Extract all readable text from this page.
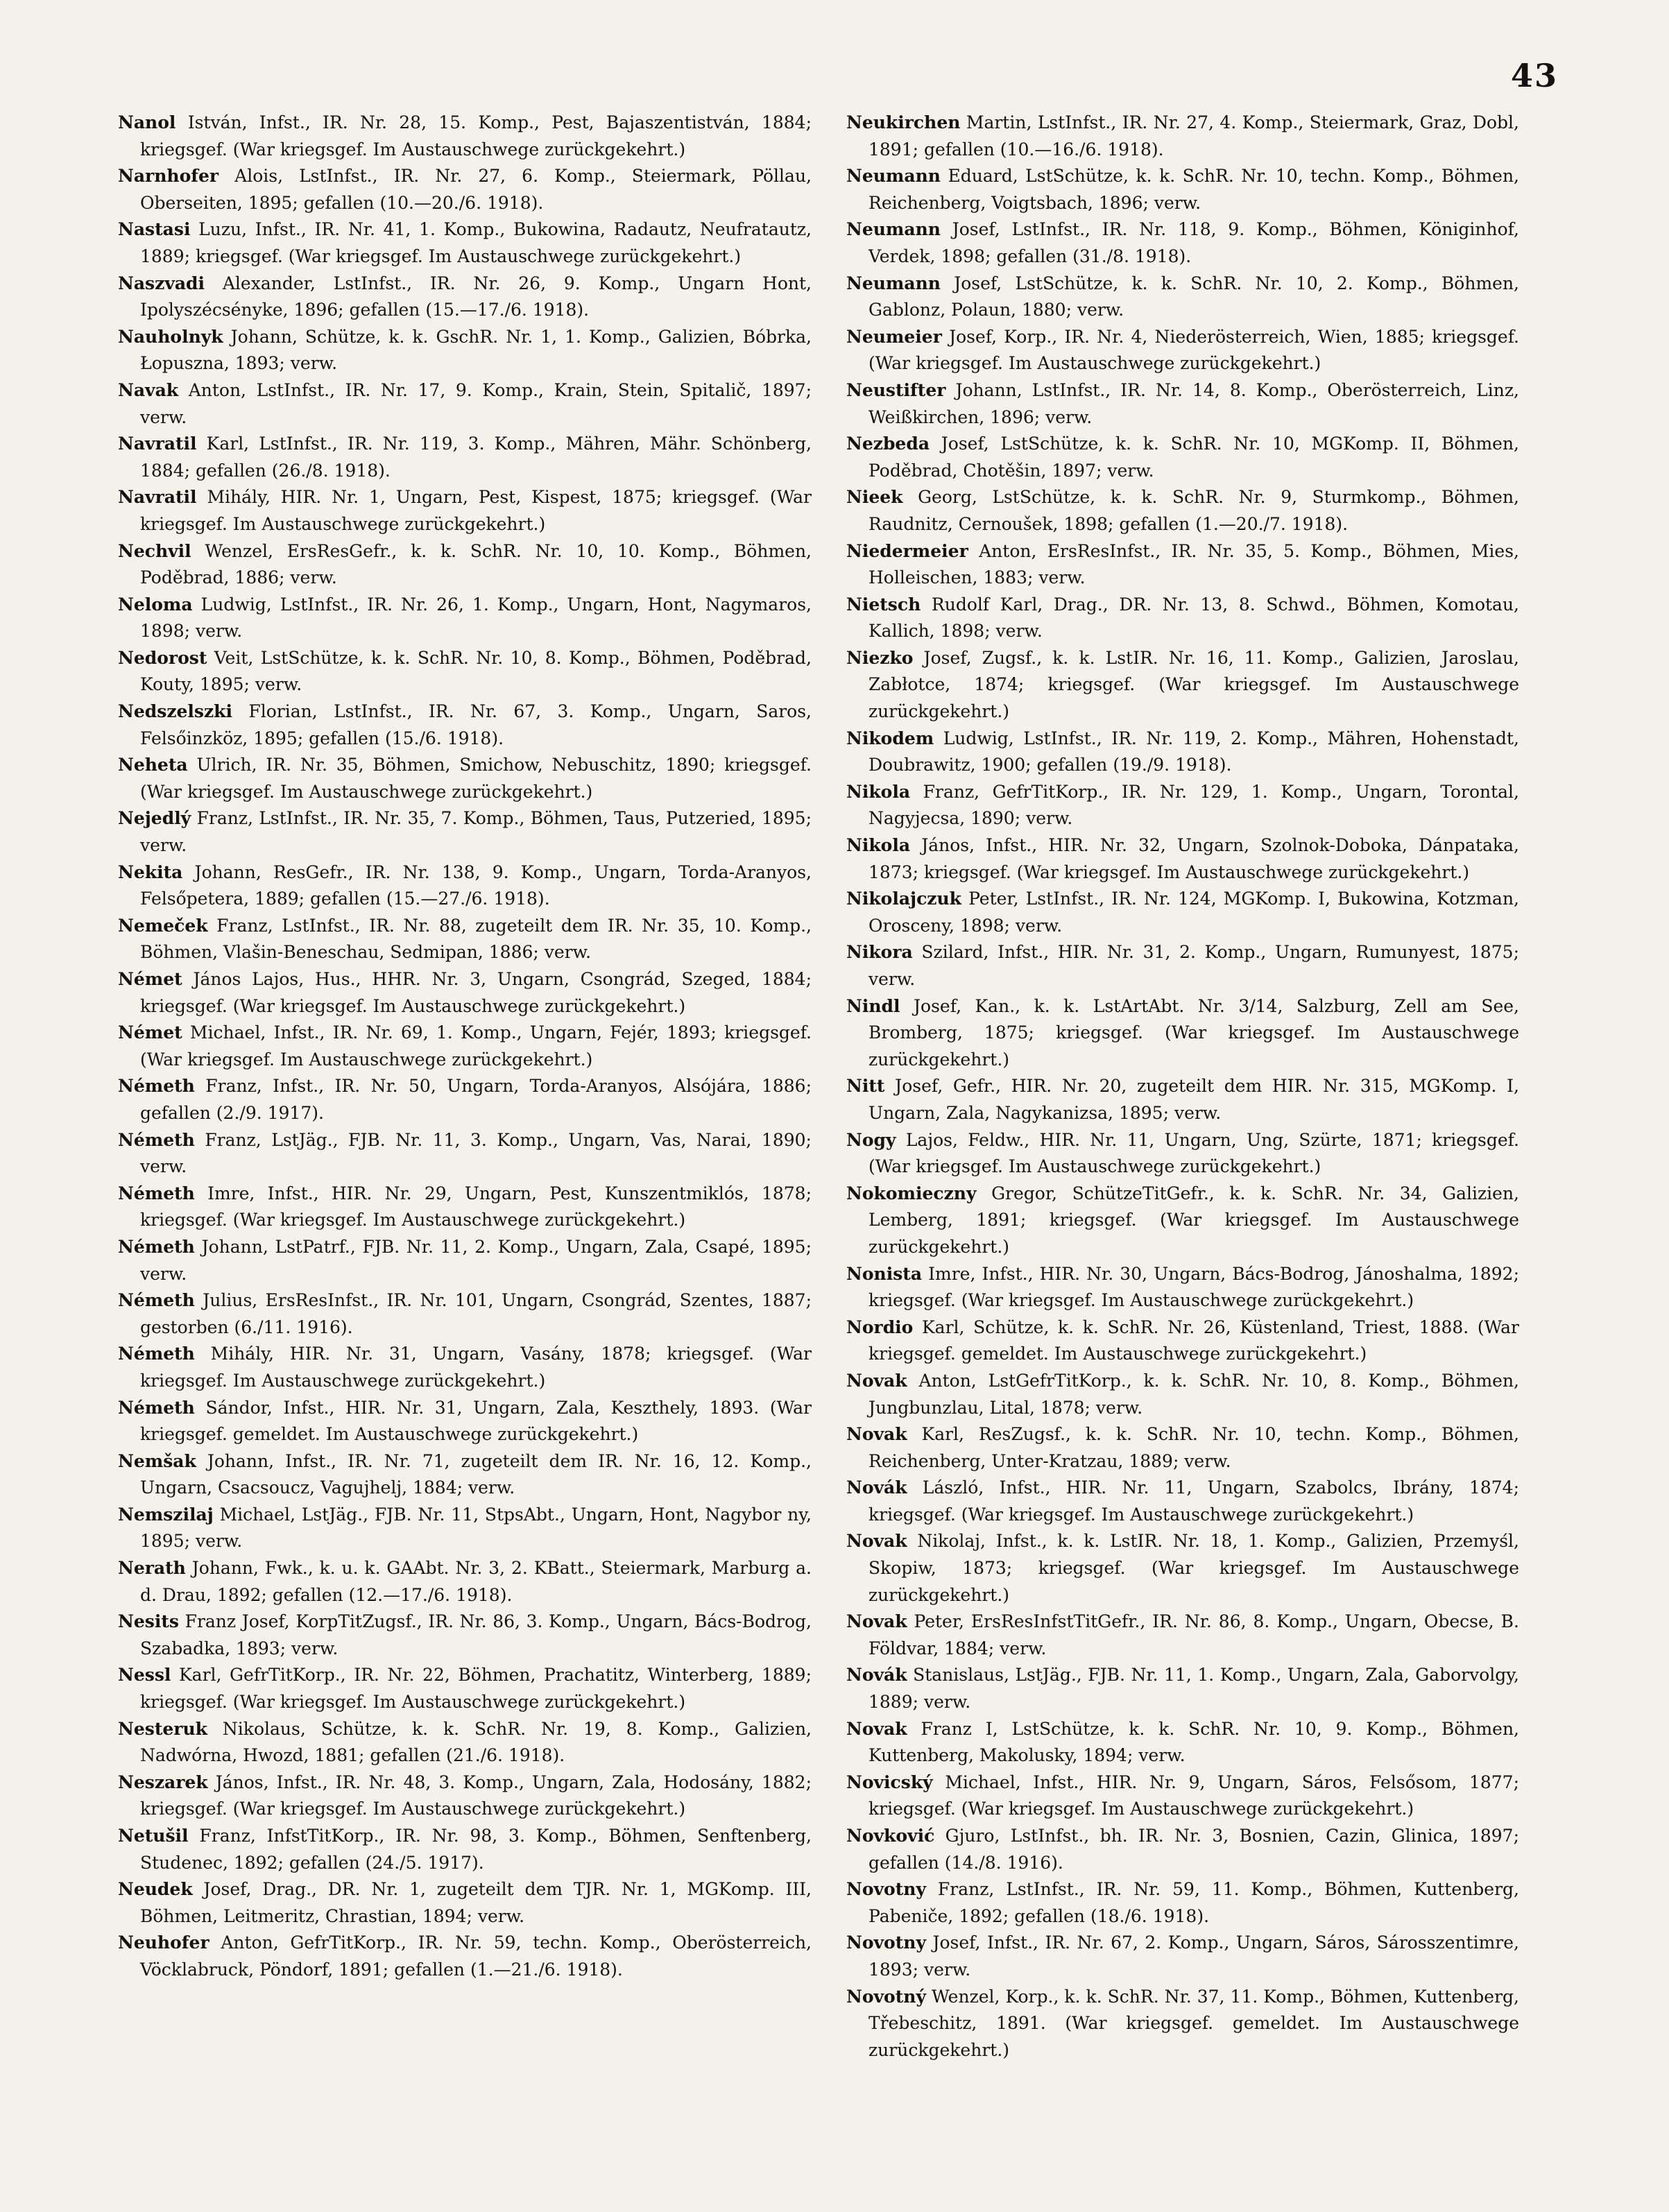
43

Nanol István, Infst., IR. Nr. 28, 15. Komp., Pest, Bajaszentistván, 1884; kriegsgef. (War kriegsgef. Im Austauschwege zurückgekehrt.)

Narnhofer Alois, LstInfst., IR. Nr. 27, 6. Komp., Steiermark, Pöllau, Oberseiten, 1895; gefallen (10.—20./6. 1918).

Nastasi Luzu, Infst., IR. Nr. 41, 1. Komp., Bukowina, Radautz, Neufratautz, 1889; kriegsgef. (War kriegsgef. Im Austauschwege zurückgekehrt.)

Naszvadi Alexander, LstInfst., IR. Nr. 26, 9. Komp., Ungarn Hont, Ipolyszécsényke, 1896; gefallen (15.—17./6. 1918).

Nauholnyk Johann, Schütze, k. k. GschR. Nr. 1, 1. Komp., Galizien, Bóbrka, Łopuszna, 1893; verw.

Navak Anton, LstInfst., IR. Nr. 17, 9. Komp., Krain, Stein, Spitalič, 1897; verw.

Navratil Karl, LstInfst., IR. Nr. 119, 3. Komp., Mähren, Mähr. Schönberg, 1884; gefallen (26./8. 1918).

Navratil Mihály, HIR. Nr. 1, Ungarn, Pest, Kispest, 1875; kriegsgef. (War kriegsgef. Im Austauschwege zurückgekehrt.)

Nechvil Wenzel, ErsResGefr., k. k. SchR. Nr. 10, 10. Komp., Böhmen, Poděbrad, 1886; verw.

Neloma Ludwig, LstInfst., IR. Nr. 26, 1. Komp., Ungarn, Hont, Nagymaros, 1898; verw.

Nedorost Veit, LstSchütze, k. k. SchR. Nr. 10, 8. Komp., Böhmen, Poděbrad, Kouty, 1895; verw.

Nedszelszki Florian, LstInfst., IR. Nr. 67, 3. Komp., Ungarn, Saros, Felsőinzköz, 1895; gefallen (15./6. 1918).

Neheta Ulrich, IR. Nr. 35, Böhmen, Smichow, Nebuschitz, 1890; kriegsgef. (War kriegsgef. Im Austauschwege zurückgekehrt.)

Nejedlý Franz, LstInfst., IR. Nr. 35, 7. Komp., Böhmen, Taus, Putzeried, 1895; verw.

Nekita Johann, ResGefr., IR. Nr. 138, 9. Komp., Ungarn, Torda-Aranyos, Felsőpetera, 1889; gefallen (15.—27./6. 1918).

Nemeček Franz, LstInfst., IR. Nr. 88, zugeteilt dem IR. Nr. 35, 10. Komp., Böhmen, Vlašin-Beneschau, Sedmipan, 1886; verw.

Német János Lajos, Hus., HHR. Nr. 3, Ungarn, Csongrád, Szeged, 1884; kriegsgef. (War kriegsgef. Im Austauschwege zurückgekehrt.)

Német Michael, Infst., IR. Nr. 69, 1. Komp., Ungarn, Fejér, 1893; kriegsgef. (War kriegsgef. Im Austauschwege zurückgekehrt.)

Németh Franz, Infst., IR. Nr. 50, Ungarn, Torda-Aranyos, Alsójára, 1886; gefallen (2./9. 1917).

Németh Franz, LstJäg., FJB. Nr. 11, 3. Komp., Ungarn, Vas, Narai, 1890; verw.

Németh Imre, Infst., HIR. Nr. 29, Ungarn, Pest, Kunszentmiklós, 1878; kriegsgef. (War kriegsgef. Im Austauschwege zurückgekehrt.)

Németh Johann, LstPatrf., FJB. Nr. 11, 2. Komp., Ungarn, Zala, Csapé, 1895; verw.

Németh Julius, ErsResInfst., IR. Nr. 101, Ungarn, Csongrád, Szentes, 1887; gestorben (6./11. 1916).

Németh Mihály, HIR. Nr. 31, Ungarn, Vasány, 1878; kriegsgef. (War kriegsgef. Im Austauschwege zurückgekehrt.)

Németh Sándor, Infst., HIR. Nr. 31, Ungarn, Zala, Keszthely, 1893. (War kriegsgef. gemeldet. Im Austauschwege zurückgekehrt.)

Nemšak Johann, Infst., IR. Nr. 71, zugeteilt dem IR. Nr. 16, 12. Komp., Ungarn, Csacsoucz, Vagujhelj, 1884; verw.

Nemszilaj Michael, LstJäg., FJB. Nr. 11, StpsAbt., Ungarn, Hont, Nagybor ny, 1895; verw.

Nerath Johann, Fwk., k. u. k. GAAbt. Nr. 3, 2. KBatt., Steiermark, Marburg a. d. Drau, 1892; gefallen (12.—17./6. 1918).

Nesits Franz Josef, KorpTitZugsf., IR. Nr. 86, 3. Komp., Ungarn, Bács-Bodrog, Szabadka, 1893; verw.

Nessl Karl, GefrTitKorp., IR. Nr. 22, Böhmen, Prachatitz, Winterberg, 1889; kriegsgef. (War kriegsgef. Im Austauschwege zurückgekehrt.)

Nesteruk Nikolaus, Schütze, k. k. SchR. Nr. 19, 8. Komp., Galizien, Nadwórna, Hwozd, 1881; gefallen (21./6. 1918).

Neszarek János, Infst., IR. Nr. 48, 3. Komp., Ungarn, Zala, Hodosány, 1882; kriegsgef. (War kriegsgef. Im Austauschwege zurückgekehrt.)

Netušil Franz, InfstTitKorp., IR. Nr. 98, 3. Komp., Böhmen, Senftenberg, Studenec, 1892; gefallen (24./5. 1917).

Neudek Josef, Drag., DR. Nr. 1, zugeteilt dem TJR. Nr. 1, MGKomp. III, Böhmen, Leitmeritz, Chrastian, 1894; verw.

Neuhofer Anton, GefrTitKorp., IR. Nr. 59, techn. Komp., Oberösterreich, Vöcklabruck, Pöndorf, 1891; gefallen (1.—21./6. 1918).

Neukirchen Martin, LstInfst., IR. Nr. 27, 4. Komp., Steiermark, Graz, Dobl, 1891; gefallen (10.—16./6. 1918).

Neumann Eduard, LstSchütze, k. k. SchR. Nr. 10, techn. Komp., Böhmen, Reichenberg, Voigtsbach, 1896; verw.

Neumann Josef, LstInfst., IR. Nr. 118, 9. Komp., Böhmen, Königinhof, Verdek, 1898; gefallen (31./8. 1918).

Neumann Josef, LstSchütze, k. k. SchR. Nr. 10, 2. Komp., Böhmen, Gablonz, Polaun, 1880; verw.

Neumeier Josef, Korp., IR. Nr. 4, Niederösterreich, Wien, 1885; kriegsgef. (War kriegsgef. Im Austauschwege zurückgekehrt.)

Neustifter Johann, LstInfst., IR. Nr. 14, 8. Komp., Oberösterreich, Linz, Weißkirchen, 1896; verw.

Nezbeda Josef, LstSchütze, k. k. SchR. Nr. 10, MGKomp. II, Böhmen, Poděbrad, Chotěšin, 1897; verw.

Nieek Georg, LstSchütze, k. k. SchR. Nr. 9, Sturmkomp., Böhmen, Raudnitz, Cernoušek, 1898; gefallen (1.—20./7. 1918).

Niedermeier Anton, ErsResInfst., IR. Nr. 35, 5. Komp., Böhmen, Mies, Holleischen, 1883; verw.

Nietsch Rudolf Karl, Drag., DR. Nr. 13, 8. Schwd., Böhmen, Komotau, Kallich, 1898; verw.

Niezko Josef, Zugsf., k. k. LstIR. Nr. 16, 11. Komp., Galizien, Jaroslau, Zabłotce, 1874; kriegsgef. (War kriegsgef. Im Austauschwege zurückgekehrt.)

Nikodem Ludwig, LstInfst., IR. Nr. 119, 2. Komp., Mähren, Hohenstadt, Doubrawitz, 1900; gefallen (19./9. 1918).

Nikola Franz, GefrTitKorp., IR. Nr. 129, 1. Komp., Ungarn, Torontal, Nagyjecsa, 1890; verw.

Nikola János, Infst., HIR. Nr. 32, Ungarn, Szolnok-Doboka, Dánpataka, 1873; kriegsgef. (War kriegsgef. Im Austauschwege zurückgekehrt.)

Nikolajczuk Peter, LstInfst., IR. Nr. 124, MGKomp. I, Bukowina, Kotzman, Orosceny, 1898; verw.

Nikora Szilard, Infst., HIR. Nr. 31, 2. Komp., Ungarn, Rumunyest, 1875; verw.

Nindl Josef, Kan., k. k. LstArtAbt. Nr. 3/14, Salzburg, Zell am See, Bromberg, 1875; kriegsgef. (War kriegsgef. Im Austauschwege zurückgekehrt.)

Nitt Josef, Gefr., HIR. Nr. 20, zugeteilt dem HIR. Nr. 315, MGKomp. I, Ungarn, Zala, Nagykanizsa, 1895; verw.

Nogy Lajos, Feldw., HIR. Nr. 11, Ungarn, Ung, Szürte, 1871; kriegsgef. (War kriegsgef. Im Austauschwege zurückgekehrt.)

Nokomieczny Gregor, SchützeTitGefr., k. k. SchR. Nr. 34, Galizien, Lemberg, 1891; kriegsgef. (War kriegsgef. Im Austauschwege zurückgekehrt.)

Nonista Imre, Infst., HIR. Nr. 30, Ungarn, Bács-Bodrog, Jánoshalma, 1892; kriegsgef. (War kriegsgef. Im Austauschwege zurückgekehrt.)

Nordio Karl, Schütze, k. k. SchR. Nr. 26, Küstenland, Triest, 1888. (War kriegsgef. gemeldet. Im Austauschwege zurückgekehrt.)

Novak Anton, LstGefrTitKorp., k. k. SchR. Nr. 10, 8. Komp., Böhmen, Jungbunzlau, Lital, 1878; verw.

Novak Karl, ResZugsf., k. k. SchR. Nr. 10, techn. Komp., Böhmen, Reichenberg, Unter-Kratzau, 1889; verw.

Novák László, Infst., HIR. Nr. 11, Ungarn, Szabolcs, Ibrány, 1874; kriegsgef. (War kriegsgef. Im Austauschwege zurückgekehrt.)

Novak Nikolaj, Infst., k. k. LstIR. Nr. 18, 1. Komp., Galizien, Przemyśl, Skopiw, 1873; kriegsgef. (War kriegsgef. Im Austauschwege zurückgekehrt.)

Novak Peter, ErsResInfstTitGefr., IR. Nr. 86, 8. Komp., Ungarn, Obecse, B. Földvar, 1884; verw.

Novák Stanislaus, LstJäg., FJB. Nr. 11, 1. Komp., Ungarn, Zala, Gaborvolgy, 1889; verw.

Novak Franz I, LstSchütze, k. k. SchR. Nr. 10, 9. Komp., Böhmen, Kuttenberg, Makolusky, 1894; verw.

Novicský Michael, Infst., HIR. Nr. 9, Ungarn, Sáros, Felsősom, 1877; kriegsgef. (War kriegsgef. Im Austauschwege zurückgekehrt.)

Novković Gjuro, LstInfst., bh. IR. Nr. 3, Bosnien, Cazin, Glinica, 1897; gefallen (14./8. 1916).

Novotny Franz, LstInfst., IR. Nr. 59, 11. Komp., Böhmen, Kuttenberg, Pabeniče, 1892; gefallen (18./6. 1918).

Novotny Josef, Infst., IR. Nr. 67, 2. Komp., Ungarn, Sáros, Sárosszentimre, 1893; verw.

Novotný Wenzel, Korp., k. k. SchR. Nr. 37, 11. Komp., Böhmen, Kuttenberg, Třebeschitz, 1891. (War kriegsgef. gemeldet. Im Austauschwege zurückgekehrt.)
